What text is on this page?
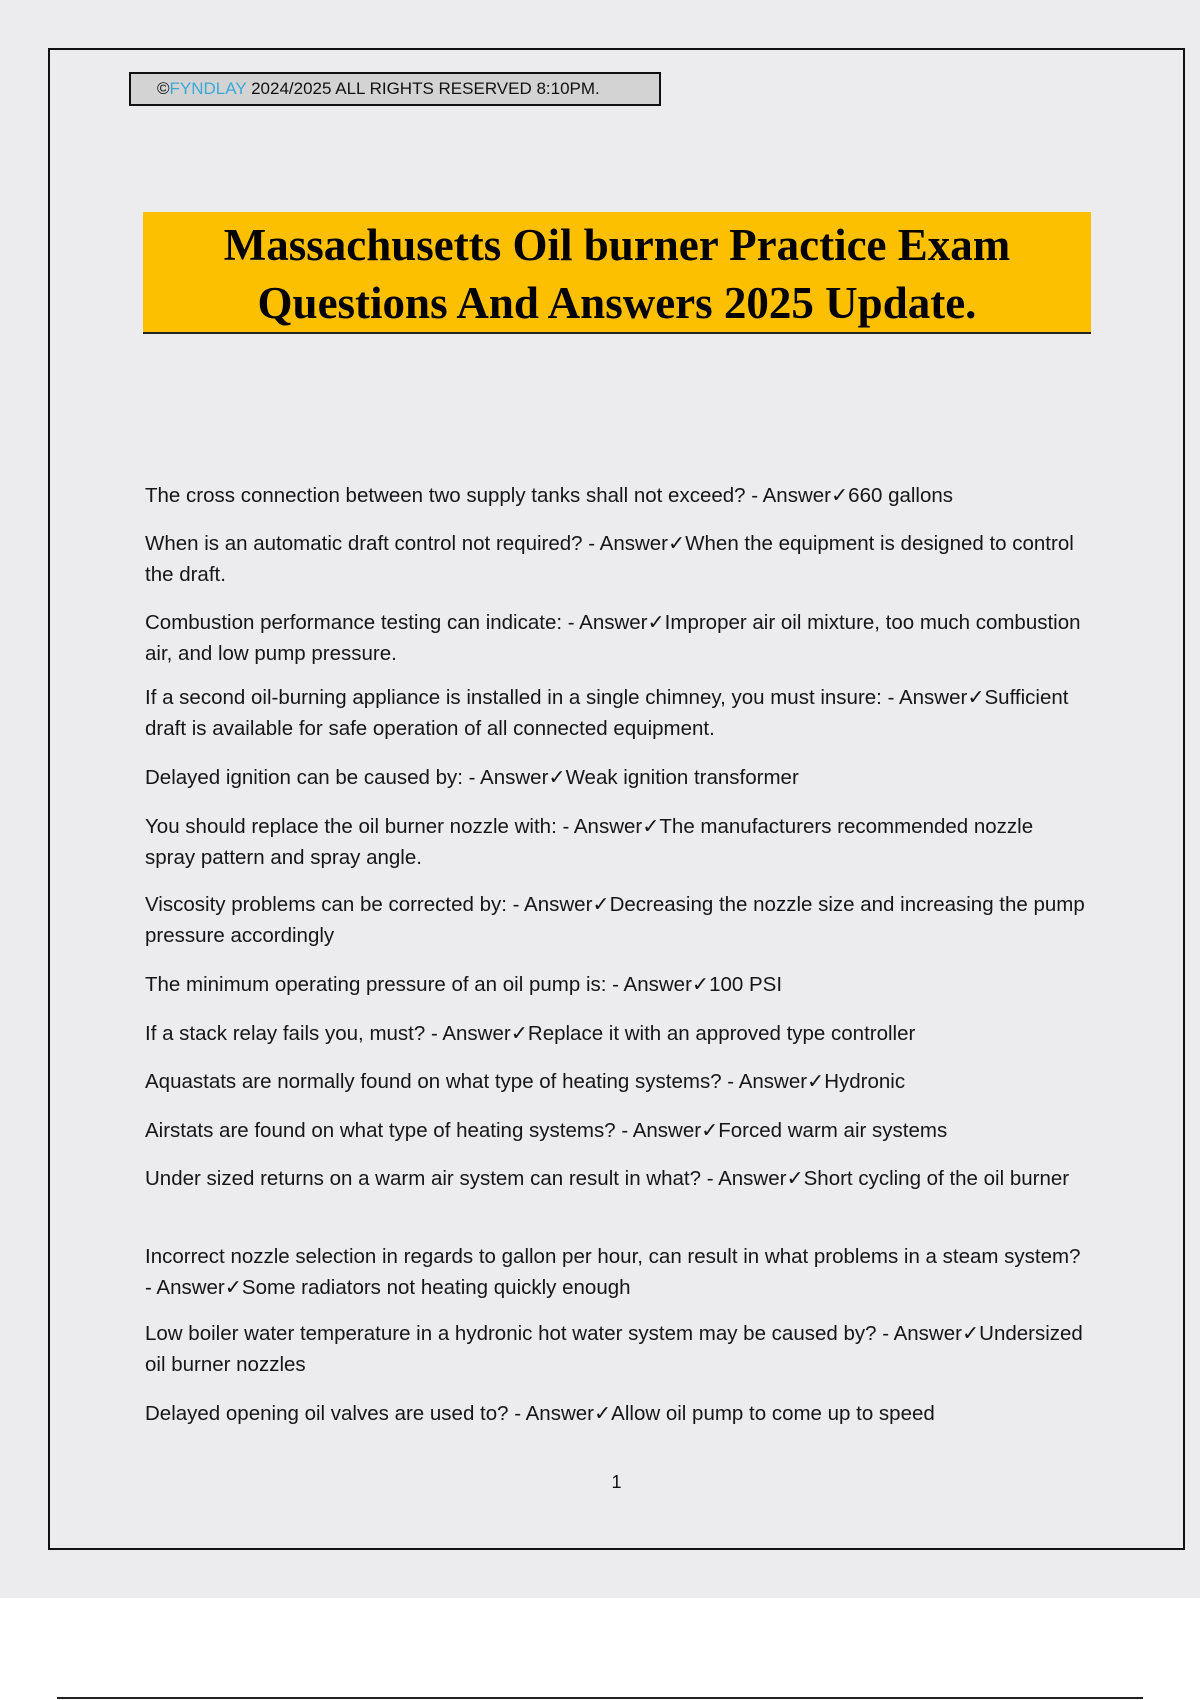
©FYNDLAY 2024/2025 ALL RIGHTS RESERVED 8:10PM.
Massachusetts Oil burner Practice Exam
Questions And Answers 2025 Update.
The cross connection between two supply tanks shall not exceed? - Answer✓660 gallons
When is an automatic draft control not required? - Answer✓When the equipment is designed to control the draft.
Combustion performance testing can indicate: - Answer✓Improper air oil mixture, too much combustion air, and low pump pressure.
If a second oil-burning appliance is installed in a single chimney, you must insure: - Answer✓Sufficient draft is available for safe operation of all connected equipment.
Delayed ignition can be caused by: - Answer✓Weak ignition transformer
You should replace the oil burner nozzle with: - Answer✓The manufacturers recommended nozzle spray pattern and spray angle.
Viscosity problems can be corrected by: - Answer✓Decreasing the nozzle size and increasing the pump pressure accordingly
The minimum operating pressure of an oil pump is: - Answer✓100 PSI
If a stack relay fails you, must? - Answer✓Replace it with an approved type controller
Aquastats are normally found on what type of heating systems? - Answer✓Hydronic
Airstats are found on what type of heating systems? - Answer✓Forced warm air systems
Under sized returns on a warm air system can result in what? - Answer✓Short cycling of the oil burner
Incorrect nozzle selection in regards to gallon per hour, can result in what problems in a steam system? - Answer✓Some radiators not heating quickly enough
Low boiler water temperature in a hydronic hot water system may be caused by? - Answer✓Undersized oil burner nozzles
Delayed opening oil valves are used to? - Answer✓Allow oil pump to come up to speed
1
